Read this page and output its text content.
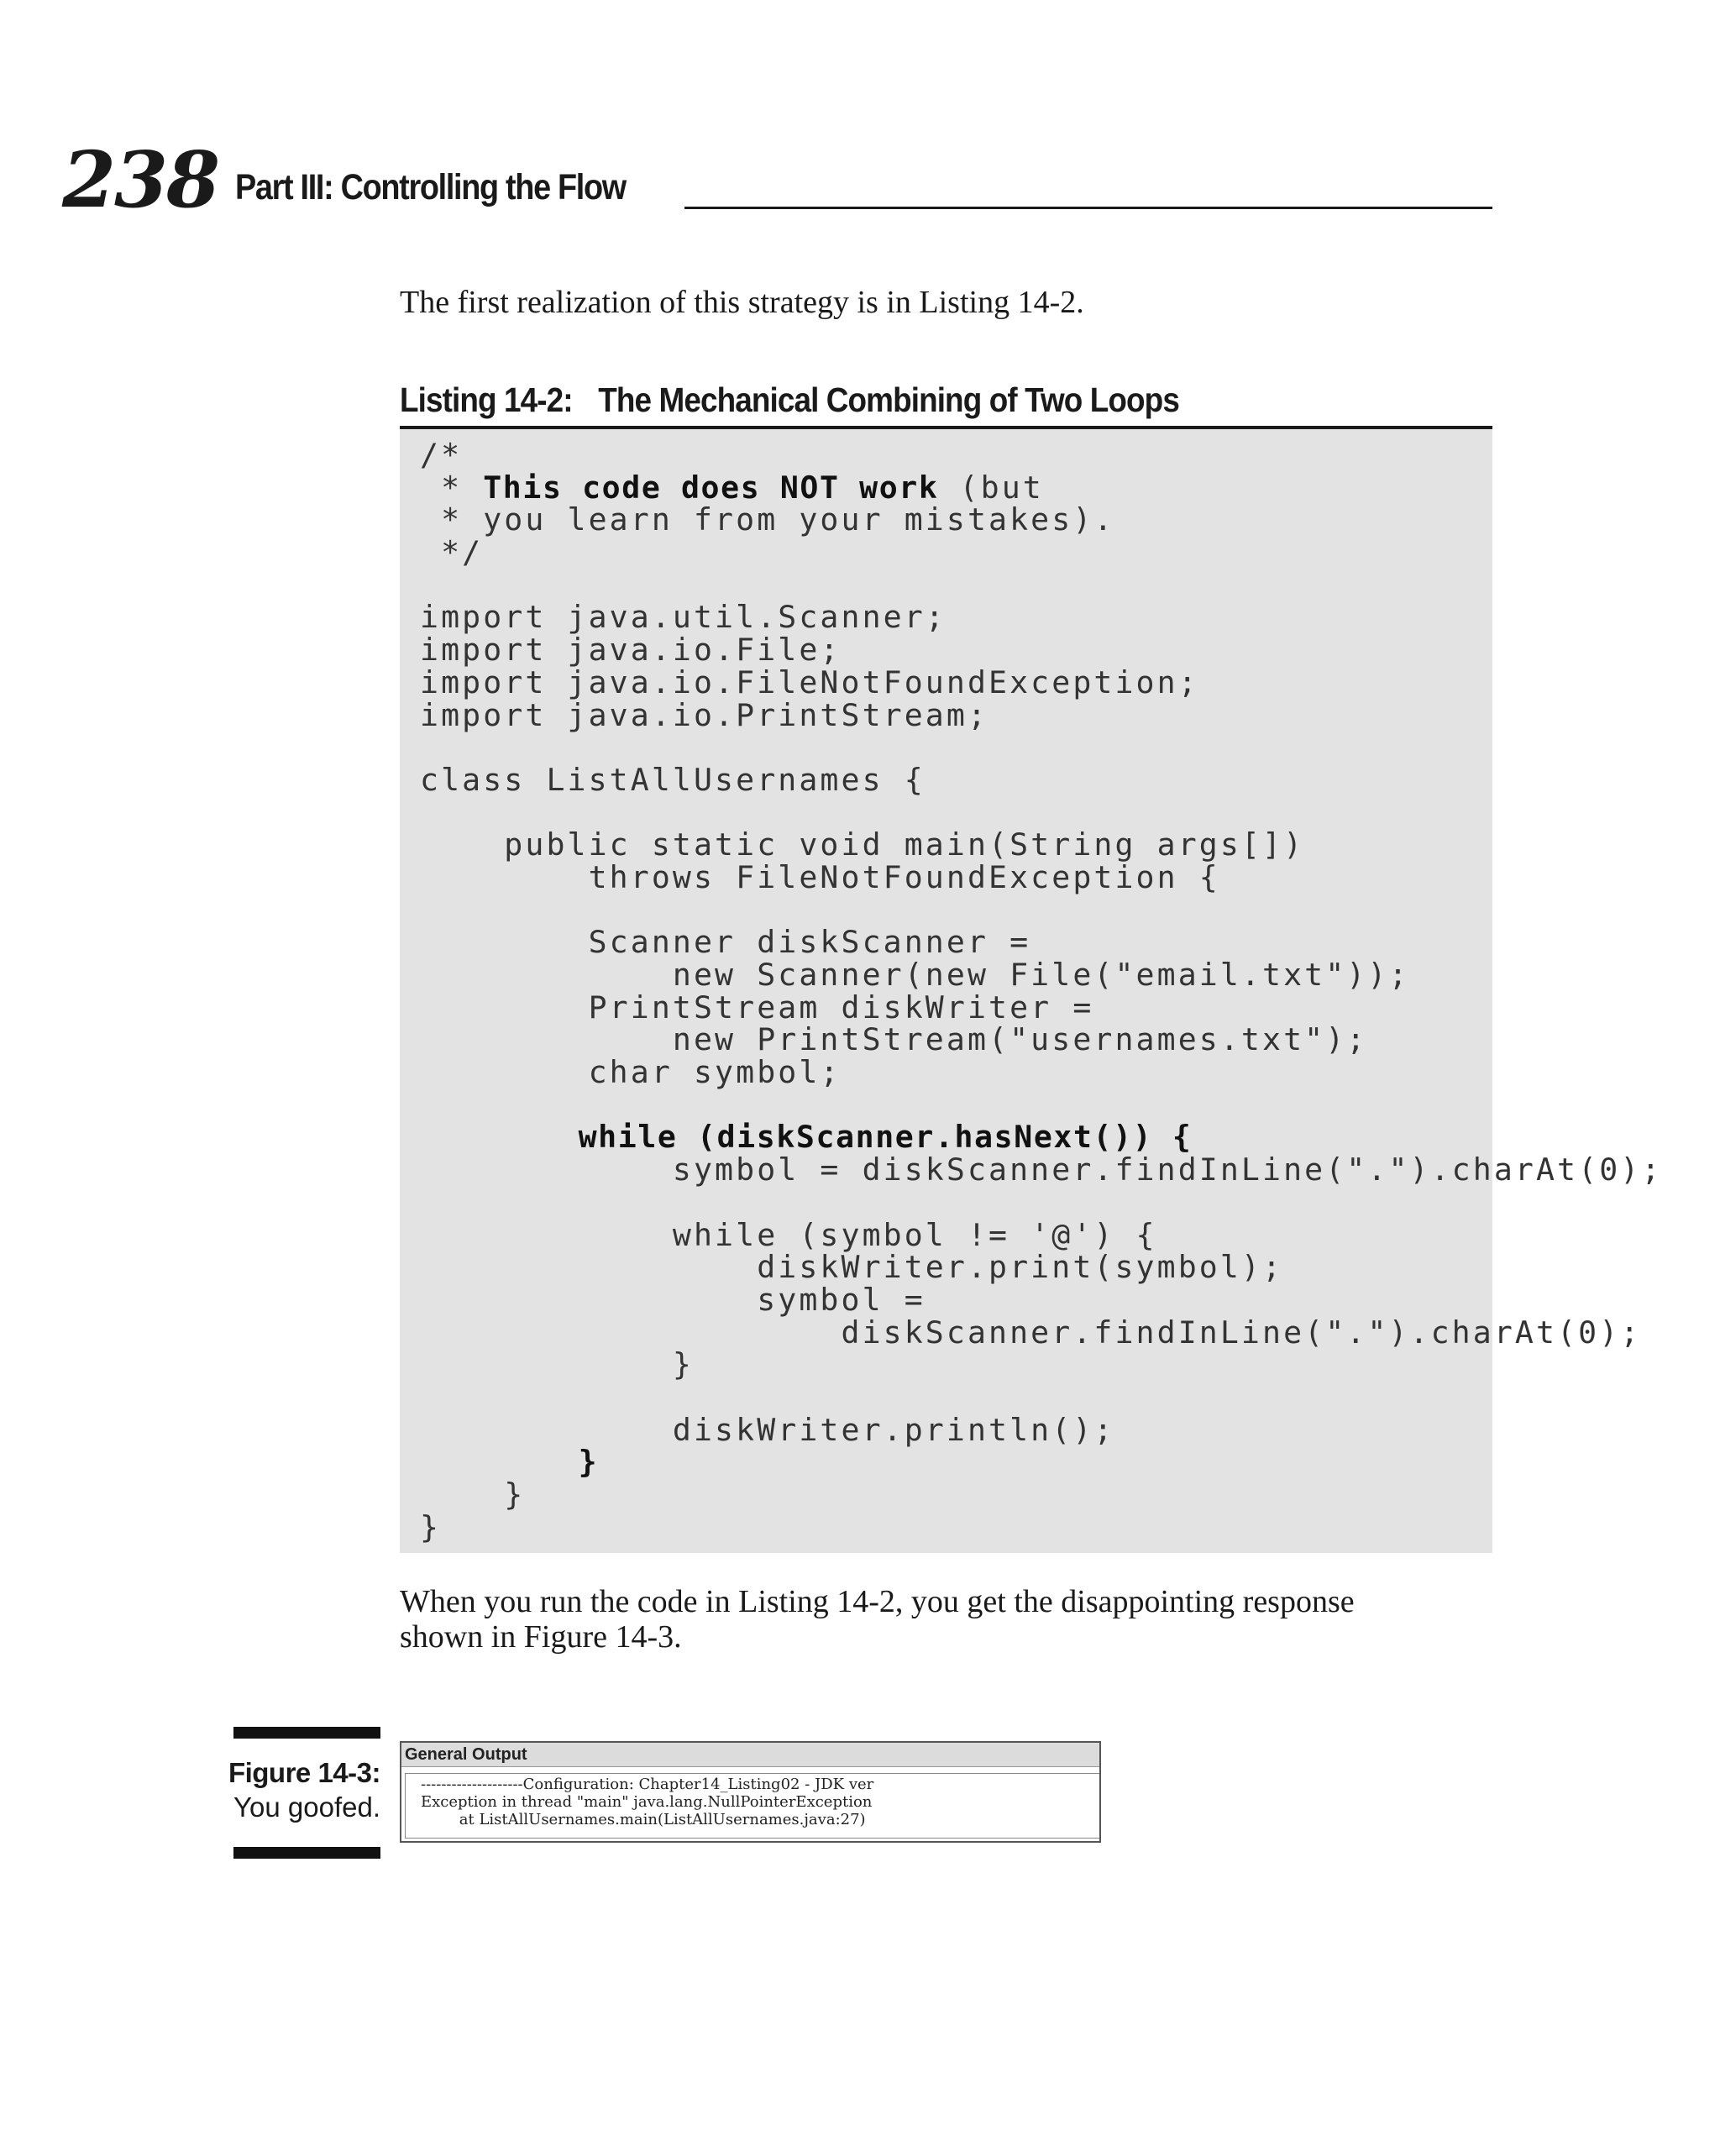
238 Part III: Controlling the Flow
The first realization of this strategy is in Listing 14-2.
Listing 14-2: The Mechanical Combining of Two Loops
/*
* This code does NOT work (but
* you learn from your mistakes).
*/
import java.util.Scanner;
import java.io.File;
import java.io.FileNotFoundException;
import java.io.PrintStream;
class ListAllUsernames {
public static void main(String args[])
throws FileNotFoundException {
Scanner diskScanner =
new Scanner(new File("email.txt"));
PrintStream diskWriter =
new PrintStream("usernames.txt");
char symbol;
while (diskScanner.hasNext()) {
symbol = diskScanner.findInLine(".").charAt(0);
while (symbol != '@') {
diskWriter.print(symbol);
symbol =
diskScanner.findInLine(".").charAt(0);
}
diskWriter.println();
}
}
}
When you run the code in Listing 14-2, you get the disappointing response
shown in Figure 14-3.
Figure 14-3:
You goofed.
General Output
--------------------Configuration: Chapter14_Listing02 - JDK ver
Exception in thread "main" java.lang.NullPointerException
at ListAllUsernames.main(ListAllUsernames.java:27)
